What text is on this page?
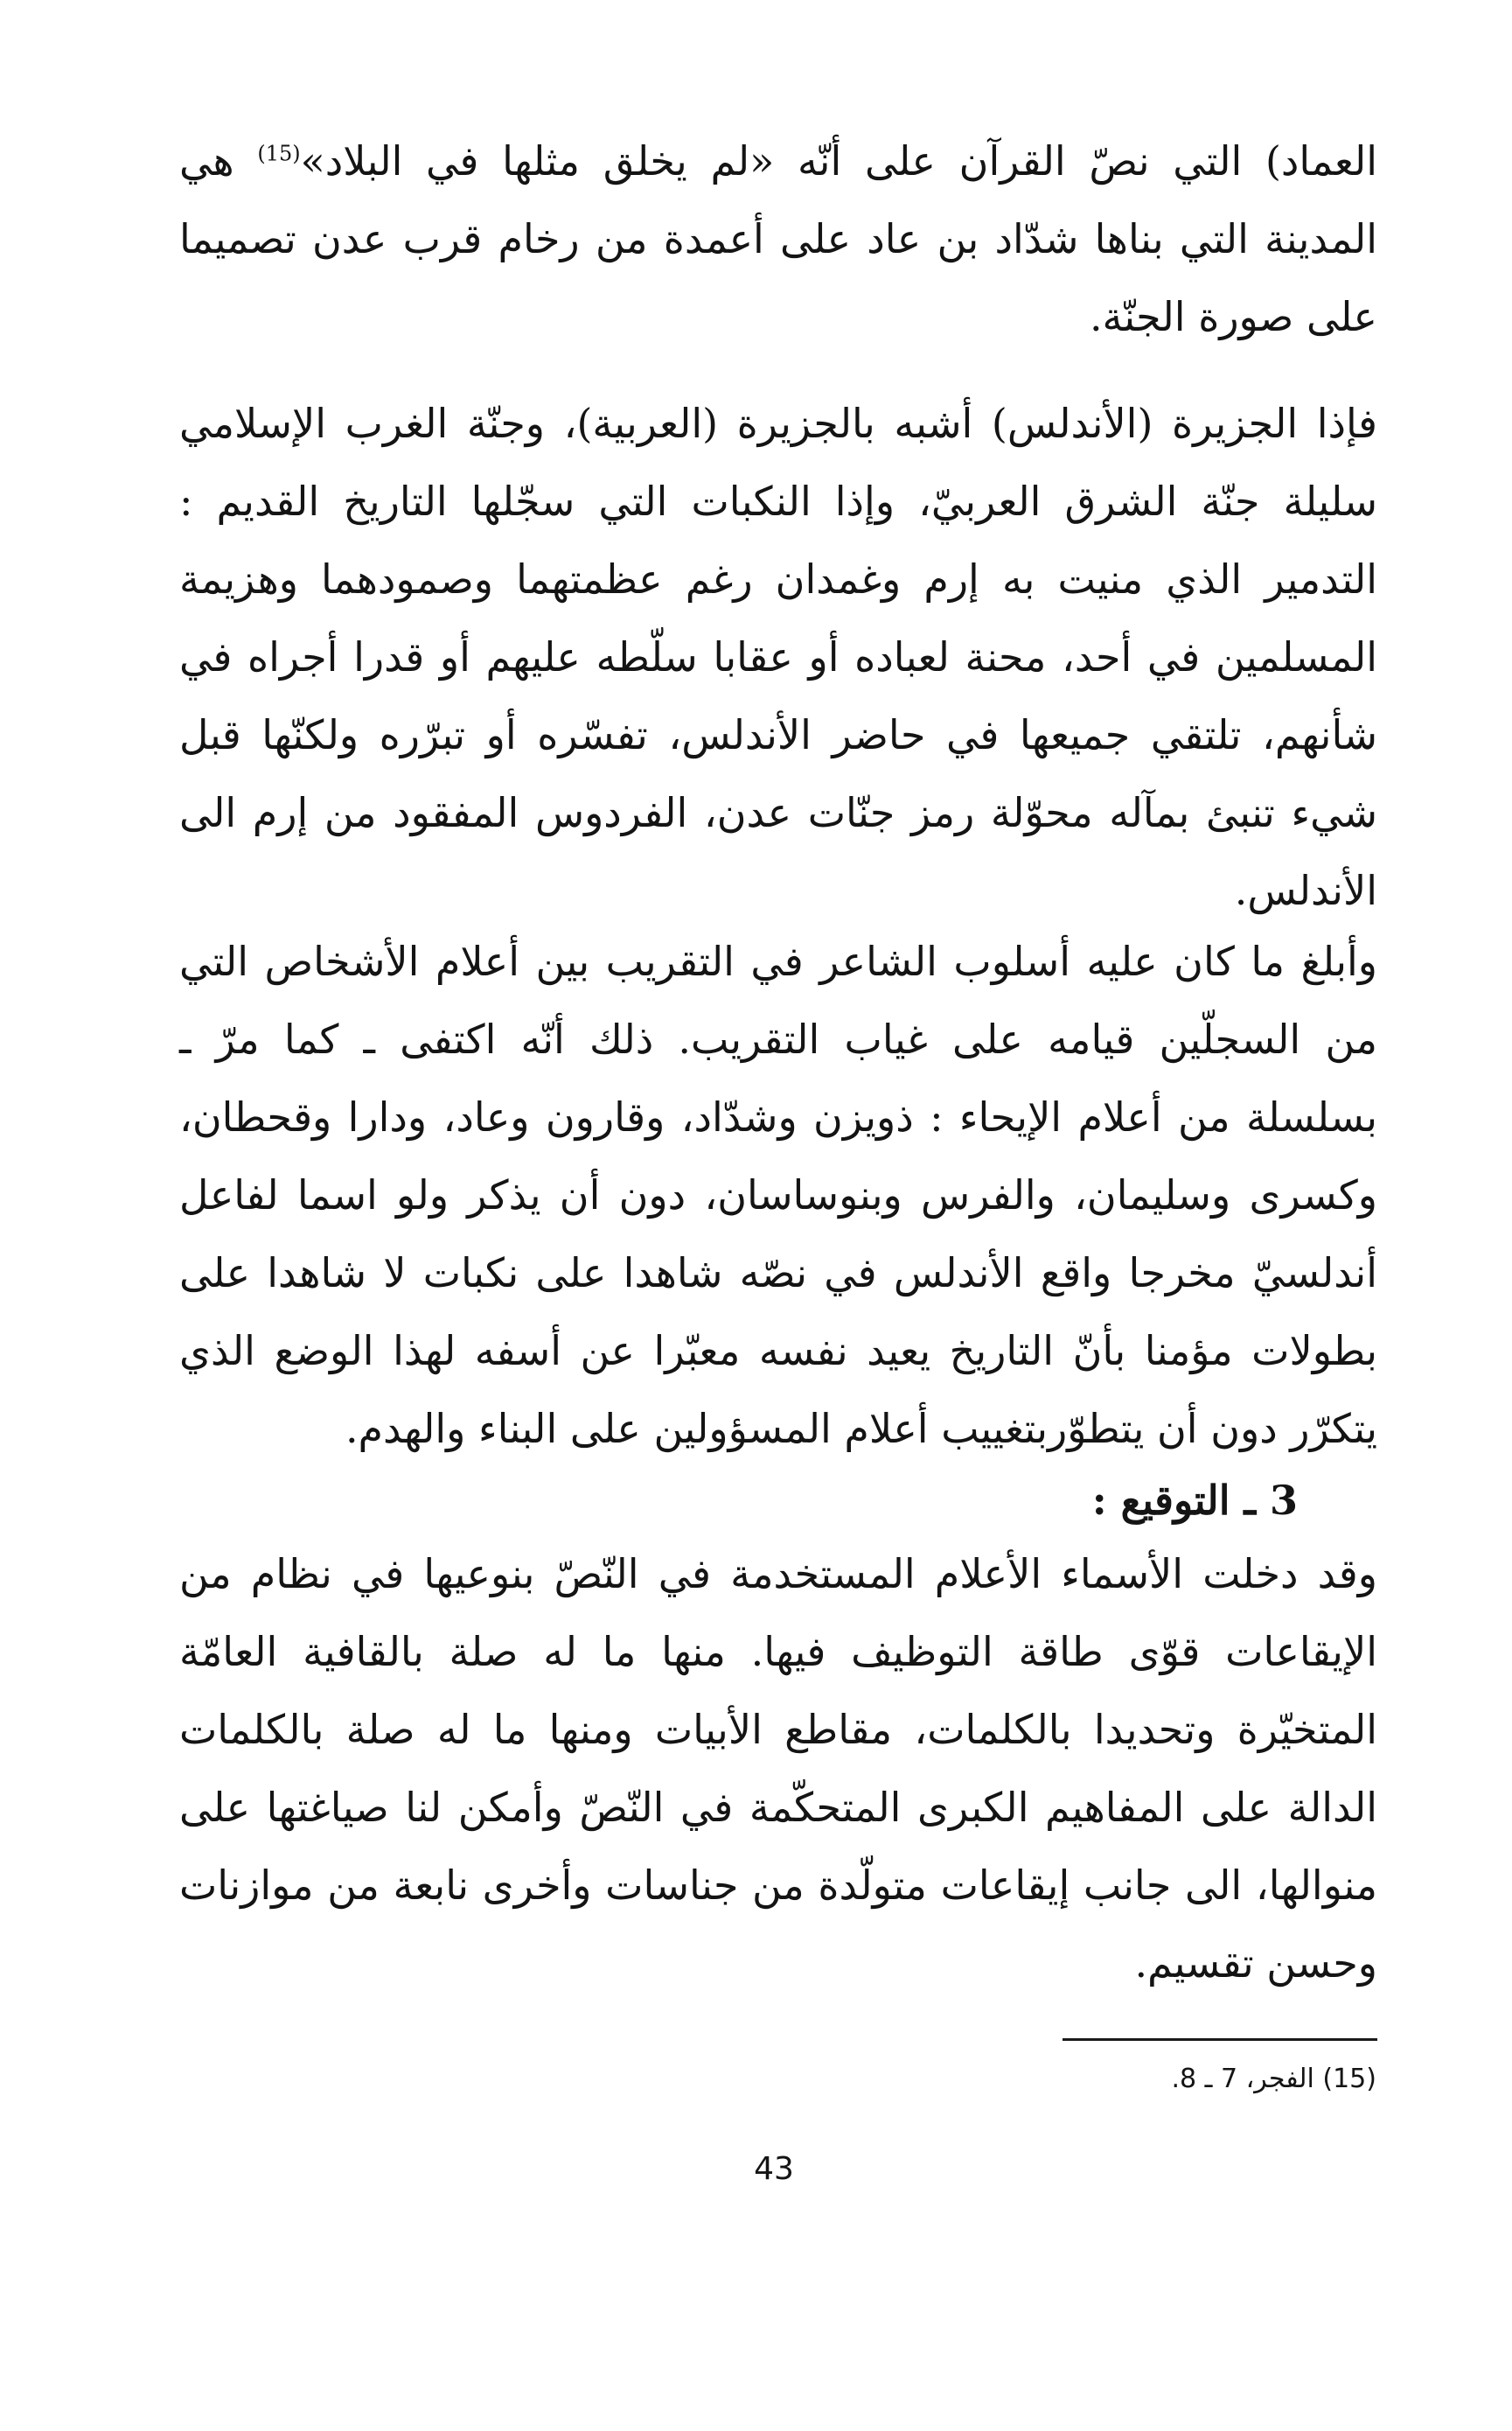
العماد) التي نصّ القرآن على أنّه «لم يخلق مثلها في البلاد»$^{(15)}$ هي المدينة التي بناها شدّاد بن عاد على أعمدة من رخام قرب عدن تصميما على صورة الجنّة.

فإذا الجزيرة (الأندلس) أشبه بالجزيرة (العربية)، وجنّة الغرب الإسلامي سليلة جنّة الشرق العربيّ، وإذا النكبات التي سجّلها التاريخ القديم : التدمير الذي منيت به إرم وغمدان رغم عظمتهما وصمودهما وهزيمة المسلمين في أحد، محنة لعباده أو عقابا سلّطه عليهم أو قدرا أجراه في شأنهم، تلتقي جميعها في حاضر الأندلس، تفسّره أو تبرّره ولكنّها قبل شيء تنبئ بمآله محوّلة رمز جنّات عدن، الفردوس المفقود من إرم الى الأندلس.

وأبلغ ما كان عليه أسلوب الشاعر في التقريب بين أعلام الأشخاص التي من السجلّين قيامه على غياب التقريب. ذلك أنّه اكتفى ـ كما مرّ ـ بسلسلة من أعلام الإيحاء : ذويزن وشدّاد، وقارون وعاد، ودارا وقحطان، وكسرى وسليمان، والفرس وبنوساسان، دون أن يذكر ولو اسما لفاعل أندلسيّ مخرجا واقع الأندلس في نصّه شاهدا على نكبات لا شاهدا على بطولات مؤمنا بأنّ التاريخ يعيد نفسه معبّرا عن أسفه لهذا الوضع الذي يتكرّر دون أن يتطوّربتغييب أعلام المسؤولين على البناء والهدم.

3 ـ التوقيع :

وقد دخلت الأسماء الأعلام المستخدمة في النّصّ بنوعيها في نظام من الإيقاعات قوّى طاقة التوظيف فيها. منها ما له صلة بالقافية العامّة المتخيّرة وتحديدا بالكلمات، مقاطع الأبيات ومنها ما له صلة بالكلمات الدالة على المفاهيم الكبرى المتحكّمة في النّصّ وأمكن لنا صياغتها على منوالها، الى جانب إيقاعات متولّدة من جناسات وأخرى نابعة من موازنات وحسن تقسيم.

(15) الفجر، 7 ـ 8.

43
